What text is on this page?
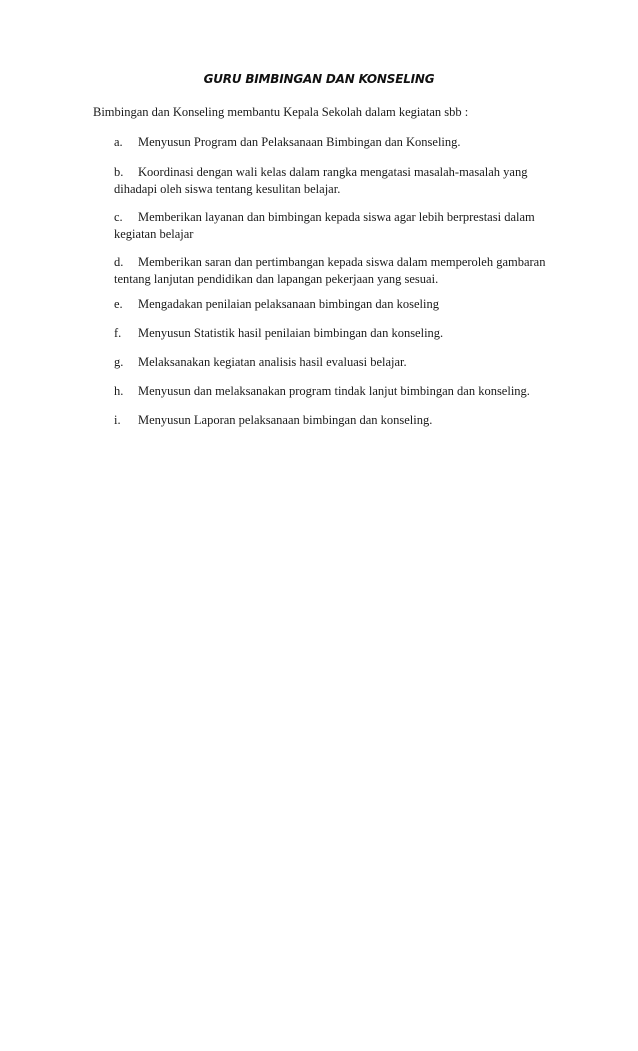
GURU BIMBINGAN DAN KONSELING
Bimbingan dan Konseling membantu Kepala Sekolah dalam kegiatan sbb :
a. Menyusun Program dan Pelaksanaan Bimbingan dan Konseling.
b. Koordinasi dengan wali kelas dalam rangka mengatasi masalah-masalah yang dihadapi oleh siswa tentang kesulitan belajar.
c. Memberikan layanan dan bimbingan kepada siswa agar lebih berprestasi dalam kegiatan belajar
d. Memberikan saran dan pertimbangan kepada siswa dalam memperoleh gambaran tentang lanjutan pendidikan dan lapangan pekerjaan yang sesuai.
e. Mengadakan penilaian pelaksanaan bimbingan dan koseling
f. Menyusun Statistik hasil penilaian bimbingan dan konseling.
g. Melaksanakan kegiatan analisis hasil evaluasi belajar.
h. Menyusun dan melaksanakan program tindak lanjut bimbingan dan konseling.
i. Menyusun Laporan pelaksanaan bimbingan dan konseling.
